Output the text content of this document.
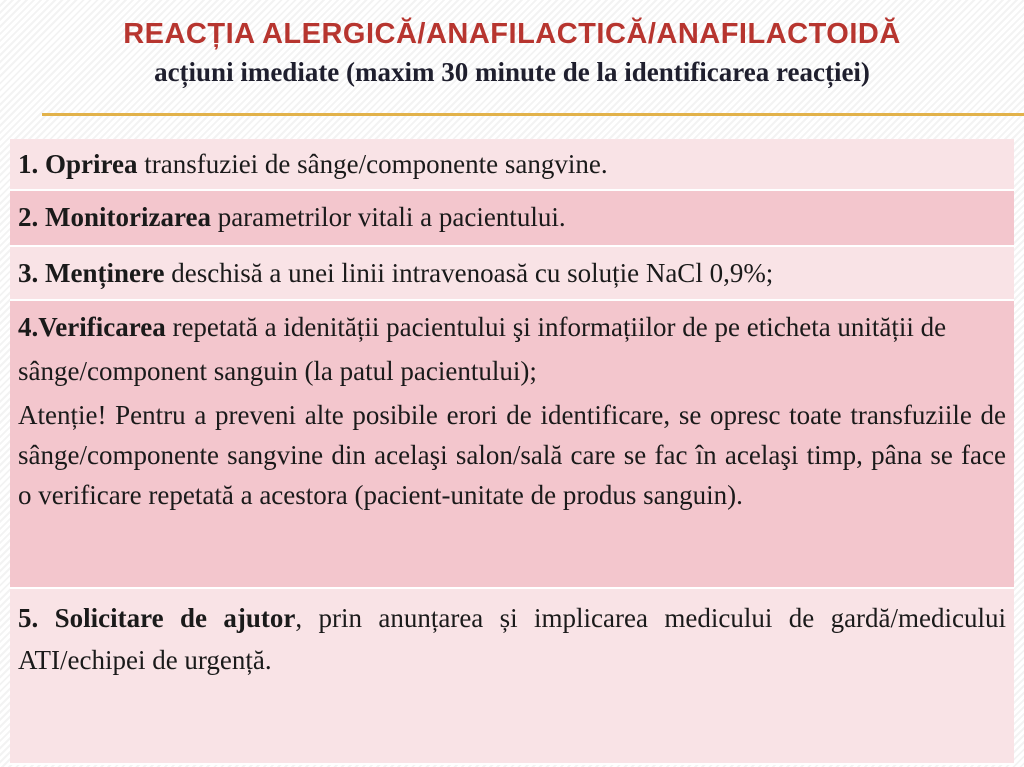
REACȚIA ALERGICĂ/ANAFILACTICĂ/ANAFILACTOIDĂ

acțiuni imediate (maxim 30 minute de la identificarea reacției)

1. Oprirea transfuziei de sânge/componente sangvine.
2. Monitorizarea parametrilor vitali a pacientului.
3. Menținere deschisă a unei linii intravenoasă cu soluție NaCl 0,9%;
4.Verificarea repetată a idenității pacientului şi informațiilor de pe eticheta unității de sânge/component sanguin (la patul pacientului);
Atenție! Pentru a preveni alte posibile erori de identificare, se opresc toate transfuziile de sânge/componente sangvine din acelaşi salon/sală care se fac în acelaşi timp, pâna se face o verificare repetată a acestora (pacient-unitate de produs sanguin).
5. Solicitare de ajutor, prin anunțarea și implicarea medicului de gardă/medicului ATI/echipei de urgență.
